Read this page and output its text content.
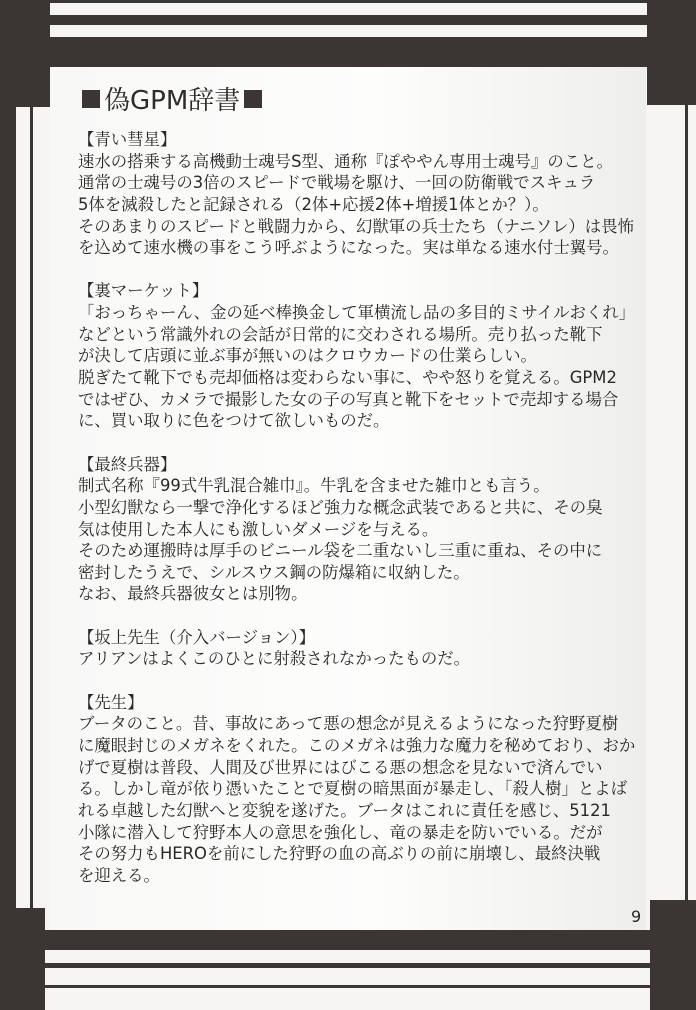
偽GPM辞書
【青い彗星】
速水の搭乗する高機動士魂号S型、通称『ぽややん専用士魂号』のこと。
通常の士魂号の3倍のスピードで戦場を駆け、一回の防衛戦でスキュラ
5体を滅殺したと記録される（2体+応援2体+増援1体とか？）。
そのあまりのスピードと戦闘力から、幻獣軍の兵士たち（ナニソレ）は畏怖
を込めて速水機の事をこう呼ぶようになった。実は単なる速水付士翼号。
【裏マーケット】
「おっちゃーん、金の延べ棒換金して軍横流し品の多目的ミサイルおくれ」
などという常識外れの会話が日常的に交わされる場所。売り払った靴下
が決して店頭に並ぶ事が無いのはクロウカードの仕業らしい。
脱ぎたて靴下でも売却価格は変わらない事に、やや怒りを覚える。GPM2
ではぜひ、カメラで撮影した女の子の写真と靴下をセットで売却する場合
に、買い取りに色をつけて欲しいものだ。
【最終兵器】
制式名称『99式牛乳混合雑巾』。牛乳を含ませた雑巾とも言う。
小型幻獣なら一撃で浄化するほど強力な概念武装であると共に、その臭
気は使用した本人にも激しいダメージを与える。
そのため運搬時は厚手のビニール袋を二重ないし三重に重ね、その中に
密封したうえで、シルスウス鋼の防爆箱に収納した。
なお、最終兵器彼女とは別物。
【坂上先生（介入バージョン）】
アリアンはよくこのひとに射殺されなかったものだ。
【先生】
ブータのこと。昔、事故にあって悪の想念が見えるようになった狩野夏樹
に魔眼封じのメガネをくれた。このメガネは強力な魔力を秘めており、おか
げで夏樹は普段、人間及び世界にはびこる悪の想念を見ないで済んでい
る。しかし竜が依り憑いたことで夏樹の暗黒面が暴走し、「殺人樹」とよば
れる卓越した幻獣へと変貌を遂げた。ブータはこれに責任を感じ、5121
小隊に潜入して狩野本人の意思を強化し、竜の暴走を防いでいる。だが
その努力もHEROを前にした狩野の血の高ぶりの前に崩壊し、最終決戦
を迎える。
9
